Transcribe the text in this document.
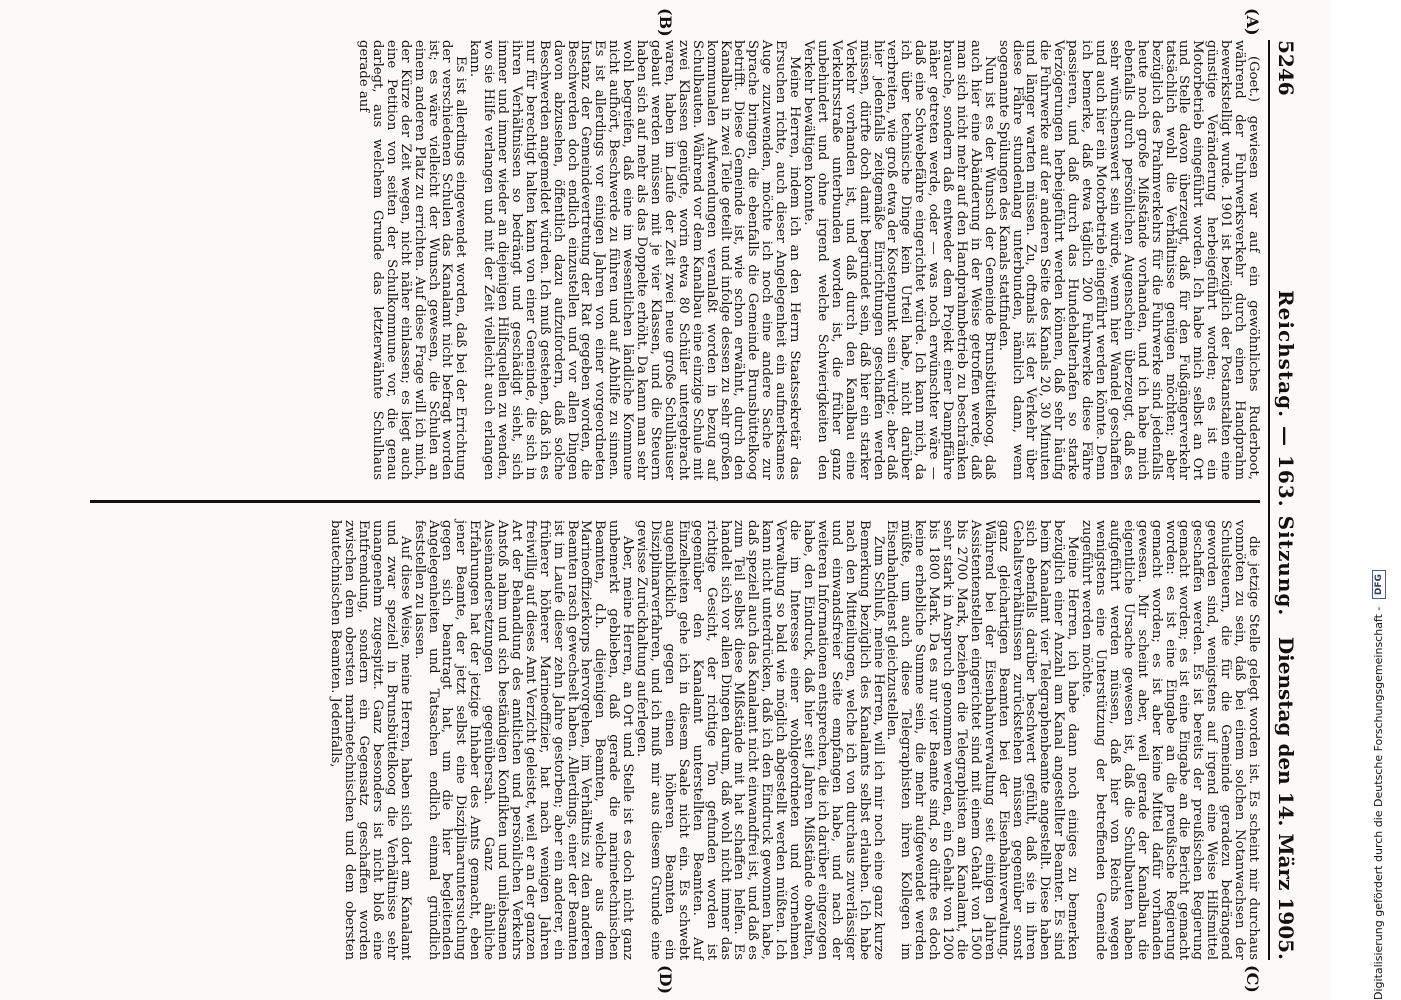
5246
Reichstag. — 163. Sitzung.
Dienstag den 14. März 1905.
(A)
(B)
(C)
(D)

(Goet.) gewiesen war auf ein gewöhnliches Ruderboot, während der Fuhrwerksverkehr durch einen Handprahm bewerkstelligt wurde. 1901 ist bezüglich der Postanstalten eine günstige Veränderung herbeigeführt worden; es ist ein Motorbetrieb eingeführt worden. Ich habe mich selbst an Ort und Stelle davon überzeugt, daß für den Fußgängerverkehr tatsächlich wohl die Verhältnisse genügen möchten; aber bezüglich des Prahmverkehrs für die Fuhrwerke sind jedenfalls heute noch große Mißstände vorhanden, und ich habe mich ebenfalls durch persönlichen Augenschein überzeugt, daß es sehr wünschenswert sein würde, wenn hier Wandel geschaffen und auch hier ein Motorbetrieb eingeführt werden könnte. Denn ich bemerke, daß etwa täglich 200 Fuhrwerke diese Fähre passieren, und daß durch das Hundehalterhafen so starke Verzögerungen herbeigeführt werden können, daß sehr häufig die Fuhrwerke auf der anderen Seite des Kanals 20, 30 Minuten und länger warten müssen. Zu, oftmals ist der Verkehr über diese Fähre stundenlang unterbunden, nämlich dann, wenn sogenannte Spülungen des Kanals stattfinden.

Nun ist es der Wunsch der Gemeinde Brunsbüttelkoog, daß auch hier eine Abänderung in der Weise getroffen werde, daß man sich nicht mehr auf den Handprahmbetrieb zu beschränken brauche, sondern daß entweder dem Projekt einer Dampffähre näher getreten werde, oder — was noch erwünschter wäre — daß eine Schwebefähre eingerichtet würde. Ich kann mich, da ich über technische Dinge kein Urteil habe, nicht darüber verbreiten, wie groß etwa der Kostenpunkt sein würde; aber daß hier jedenfalls zeitgemäße Einrichtungen geschaffen werden müssen, dürfte doch damit begründet sein, daß hier ein starker Verkehr vorhanden ist, und daß durch den Kanalbau eine Verkehrsstraße unterbunden worden ist, die früher ganz unbehindert und ohne irgend welche Schwierigkeiten den Verkehr bewältigen konnte.

Meine Herren, indem ich an den Herrn Staatssekretär das Ersuchen richte, auch dieser Angelegenheit ein aufmerksames Auge zuzuwenden, möchte ich noch eine andere Sache zur Sprache bringen, die ebenfalls die Gemeinde Brunsbüttelkoog betrifft. Diese Gemeinde ist, wie schon erwähnt, durch den Kanalbau in zwei Teile geteilt und infolge dessen zu sehr großen kommunalen Aufwendungen veranlaßt worden in bezug auf Schulbauten. Während vor dem Kanalbau eine einzige Schule mit zwei Klassen genügte, worin etwa 80 Schüler untergebracht waren, haben im Laufe der Zeit zwei neue große Schulhäuser gebaut werden müssen mit je vier Klassen, und die Steuern haben sich auf mehr als das Doppelte erhöht. Da kann man sehr wohl begreifen, daß eine im wesentlichen ländliche Kommune nicht aufhört, Beschwerde zu führen und auf Abhilfe zu sinnen. Es ist allerdings vor einigen Jahren von einer vorgeordneten Instanz der Gemeindevertretung der Rat gegeben worden, die Beschwerden doch endlich einzustellen und vor allen Dingen davon abzusehen, öffentlich dazu aufzufordern, daß solche Beschwerden angemeldet würden. Ich muß gestehen, daß ich es nur für berechtigt halten kann von einer Gemeinde, die sich in ihren Verhältnissen so bedrängt und geschädigt sieht, sich immer und immer wieder an diejenigen Hilfsquellen zu wenden, wo sie Hilfe verlangen und mit der Zeit vielleicht auch erlangen kann.

Es ist allerdings eingewendet worden, daß bei der Errichtung der verschiedenen Schulen das Kanalamt nicht befragt worden ist; es wäre vielleicht der Wunsch gewesen, die Schulen an einem anderen Platz zu errichten. Auf diese Frage will ich mich, der Kürze der Zeit wegen, nicht näher einlassen; es liegt auch eine Petition von seiten der Schulkommune vor, die genau darlegt, aus welchem Grunde das letzterwähnte Schulhaus gerade auf

die jetzige Stelle gelegt worden ist. Es scheint mir durchaus vonnöten zu sein, daß bei einem solchen Notanwachsen der Schulsteuern, die für die Gemeinde geradezu bedrängend geworden sind, wenigstens auf irgend eine Weise Hilfsmittel geschaffen werden. Es ist bereits der preußischen Regierung gemacht worden; es ist eine Eingabe an die Bericht gemacht worden: es ist eine Eingabe an die preußische Regierung gemacht worden; es ist aber keine Mittel dafür vorhanden gewesen. Mir scheint aber, weil gerade der Kanalbau die eigentliche Ursache gewesen ist, daß die Schulbauten haben aufgeführt werden müssen, daß hier von Reichs wegen wenigstens eine Unterstützung der betreffenden Gemeinde zugeführt werden möchte.

Meine Herren, ich habe dann noch einiges zu bemerken bezüglich einer Anzahl am Kanal angestellter Beamter. Es sind beim Kanalamt vier Telegraphenbeamte angestellt. Diese haben sich ebenfalls darüber beschwert gefühlt, daß sie in ihren Gehaltsverhältnissen zurückstehen müssen gegenüber sonst ganz gleichartigen Beamten bei der Eisenbahnverwaltung. Während bei der Eisenbahnverwaltung seit einigen Jahren Assistentenstellen eingerichtet sind mit einem Gehalt von 1500 bis 2700 Mark, beziehen die Telegraphisten am Kanalamt, die sehr stark in Anspruch genommen werden, ein Gehalt von 1200 bis 1800 Mark. Da es nur vier Beamte sind, so dürfte es doch keine erhebliche Summe sein, die mehr aufgewendet werden müßte, um auch diese Telegraphisten ihren Kollegen im Eisenbahndienst gleichzustellen.

Zum Schluß, meine Herren, will ich mir noch eine ganz kurze Bemerkung bezüglich des Kanalamts selbst erlauben. Ich habe nach den Mitteilungen, welche ich von durchaus zuverlässiger und einwandsfreier Seite empfangen habe, und nach der weiteren Informationen entsprechen, die ich darüber eingezogen habe, den Eindruck, daß hier seit Jahren Mißstände obwalten, die im Interesse einer wohlgeordneten und vornehmen Verwaltung so bald wie möglich abgestellt werden müßten. Ich kann nicht unterdrücken, daß ich den Eindruck gewonnen habe, daß speziell auch das Kanalamt nicht einwandfrei ist, und daß es zum Teil selbst diese Mißstände mit hat schaffen helfen. Es handelt sich vor allen Dingen darum, daß wohl nicht immer das richtige Gesicht, der richtige Ton gefunden worden ist gegenüber den Kanalamt unterstellten Beamten. Auf Einzelheiten gehe ich in diesem Saale nicht ein. Es schwebt augenblicklich gegen einen höheren Beamten ein Disziplinarverfahren, und ich muß mir aus diesem Grunde eine gewisse Zurückhaltung auferlegen.

Aber, meine Herren, an Ort und Stelle ist es doch nicht ganz unbemerkt geblieben, daß gerade die marinetechnischen Beamten, d.h. diejenigen Beamten, welche aus dem Marineoffizierkorps hervorgehen, im Verhältnis zu den anderen Beamten rasch gewechselt haben. Allerdings, einer der Beamten ist im Laufe dieser zehn Jahre gestorben; aber ein anderer, ein früherer höherer Marineoffizier, hat nach wenigen Jahren freiwillig auf dieses Amt Verzicht geleistet, weil er an der ganzen Art der Behandlung des amtlichen und persönlichen Verkehrs Anstoß nahm und sich beständigen Konflikten und unliebsamen Auseinandersetzungen gegenübersah. Ganz ähnliche Erfahrungen hat der jetzige Inhaber des Amts gemacht, eben jener Beamte, der jetzt selbst eine Disziplinaruntersuchung gegen sich beantragt hat, um die hier begleitenden Angelegenheiten und Tatsachen endlich einmal gründlich feststellen zu lassen.

Auf diese Weise, meine Herren, haben sich dort am Kanalamt und zwar speziell in Brunsbüttelkoog die Verhältnisse sehr unangenehm zugespitzt. Ganz besonders ist nicht bloß eine Entfremdung, sondern ein Gegensatz geschaffen worden zwischen dem obersten marinetechnischen und dem obersten bautechnischen Beamten. Jedenfalls,	Digitalisierung gefördert durch die Deutsche Forschungsgemeinschaft - DFG
